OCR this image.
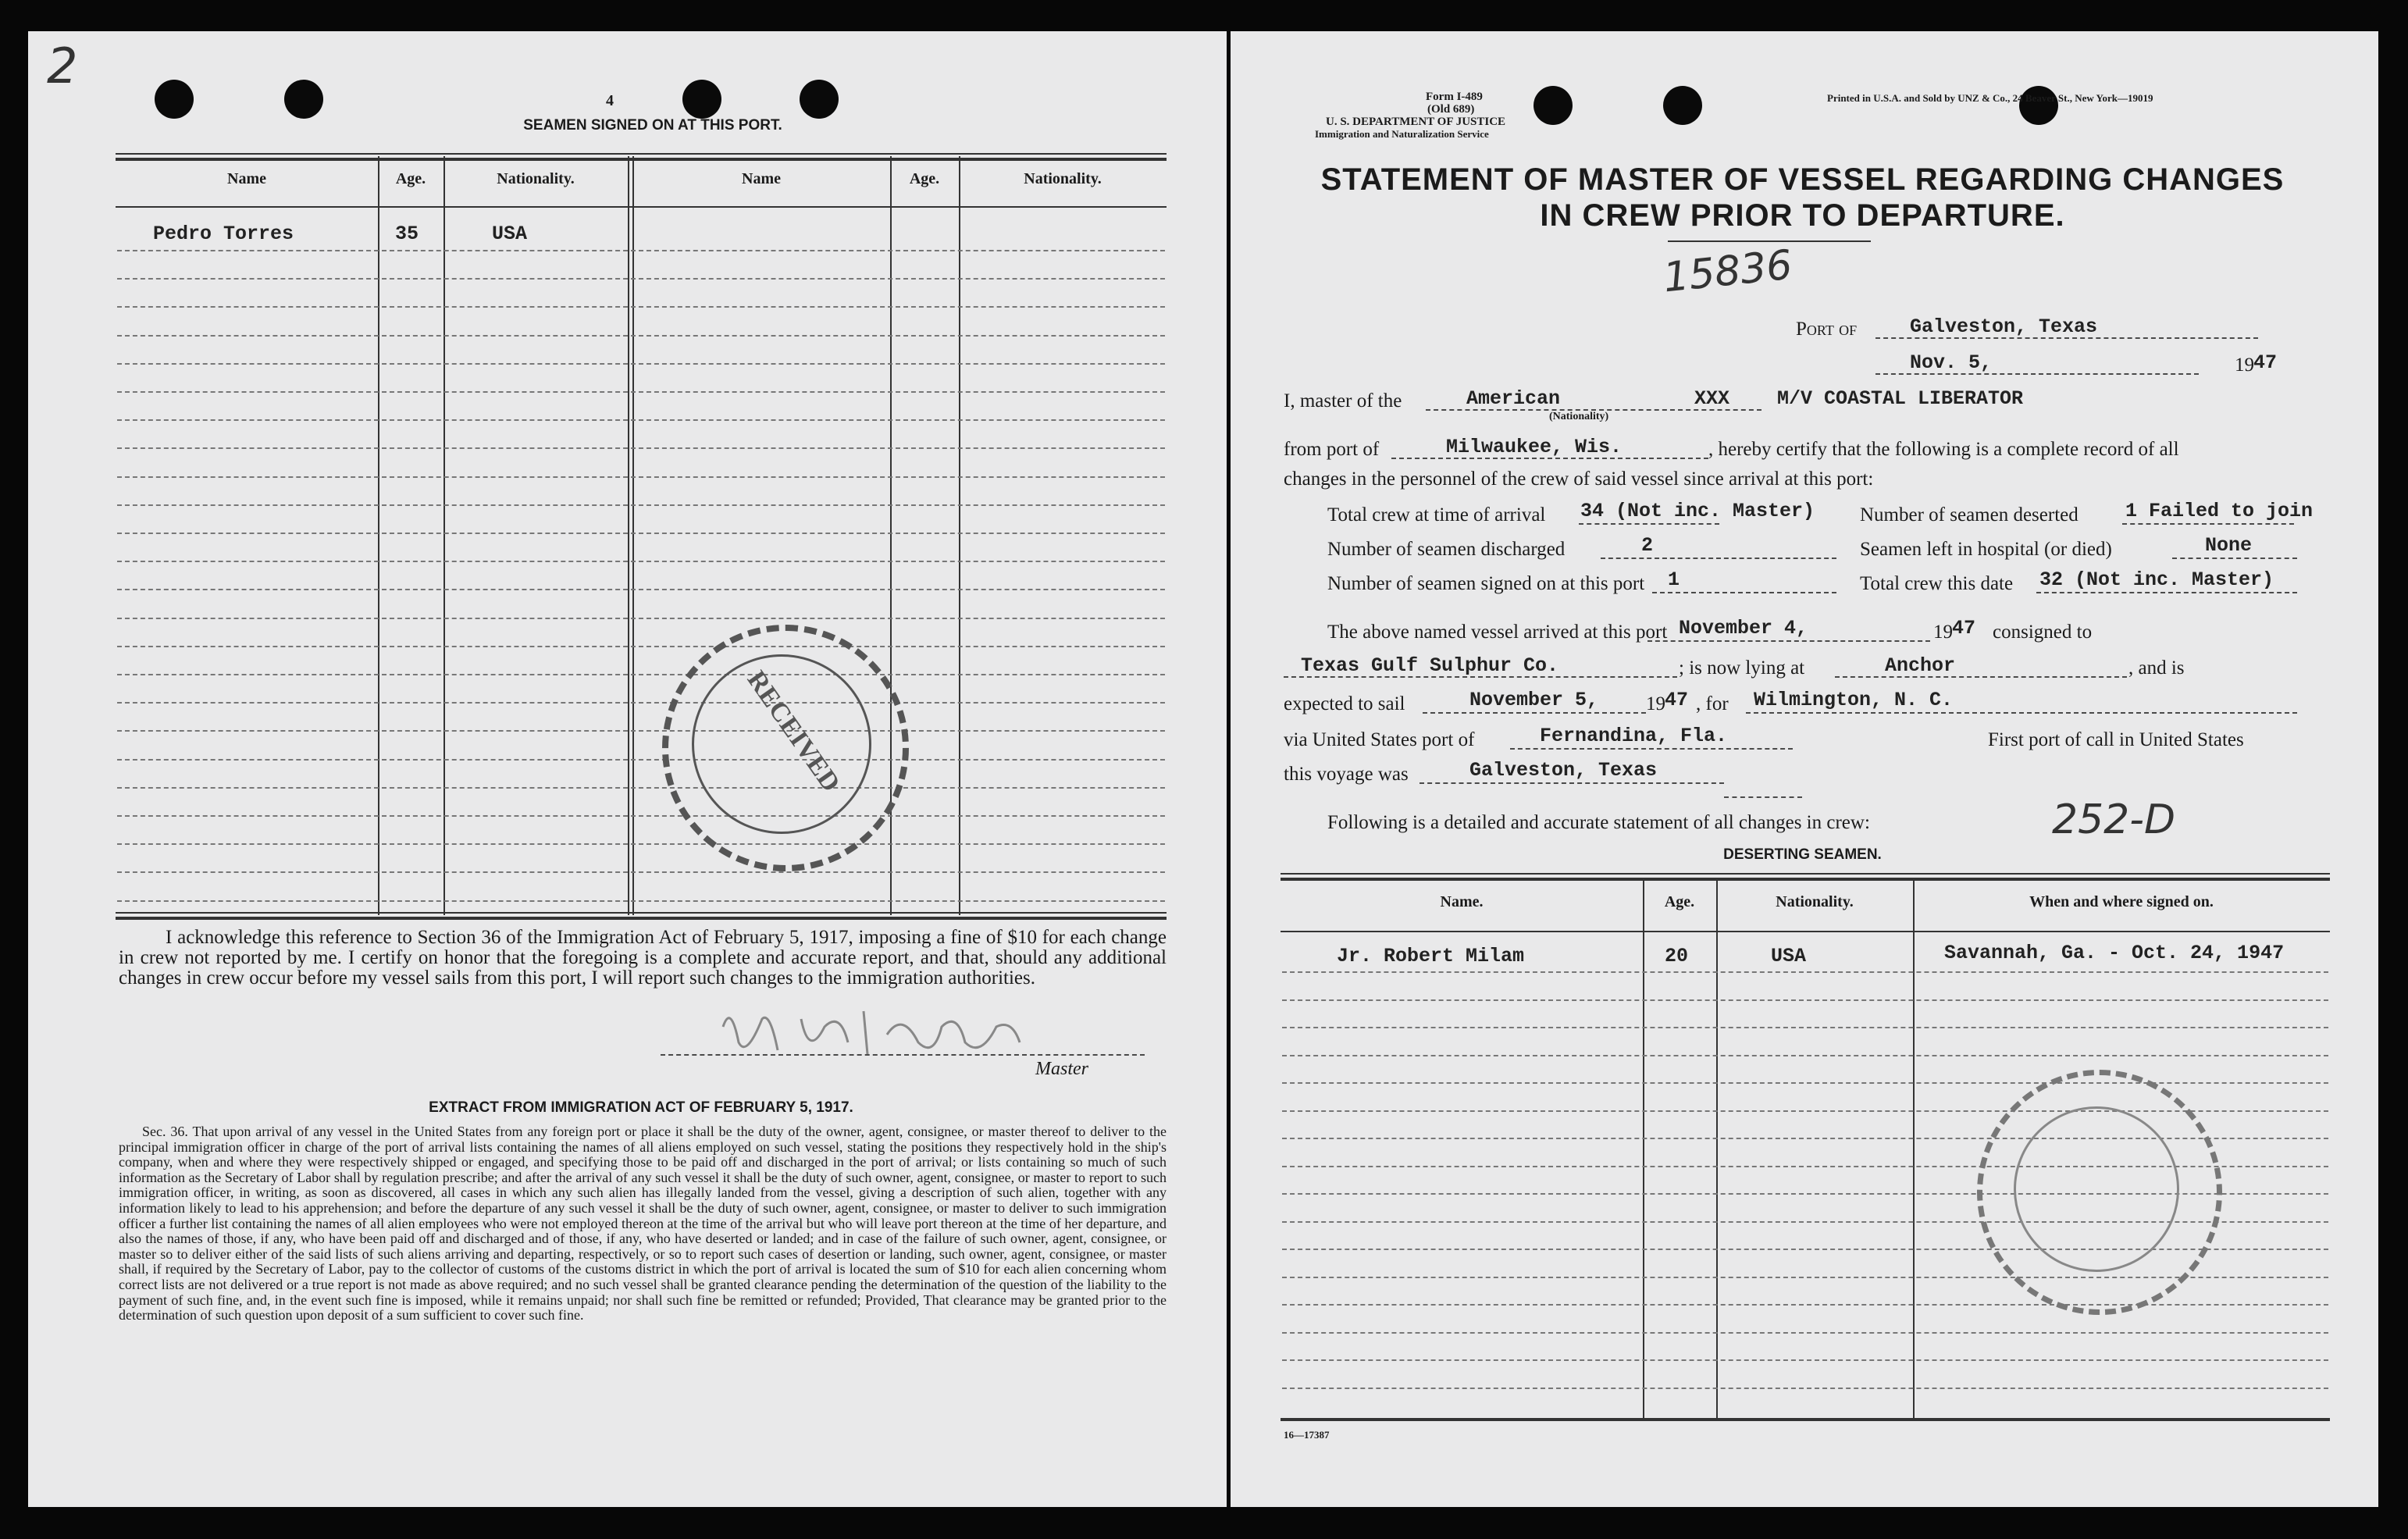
2
4
SEAMEN SIGNED ON AT THIS PORT.
Name	Age.	Nationality.	Name	Age.	Nationality.
Pedro Torres	35	USA
RECEIVED
I acknowledge this reference to Section 36 of the Immigration Act of February 5, 1917, imposing a fine of $10 for each change in crew not reported by me. I certify on honor that the foregoing is a complete and accurate report, and that, should any additional changes in crew occur before my vessel sails from this port, I will report such changes to the immigration authorities.
Master
EXTRACT FROM IMMIGRATION ACT OF FEBRUARY 5, 1917.
Sec. 36. That upon arrival of any vessel in the United States from any foreign port or place it shall be the duty of the owner, agent, consignee, or master thereof to deliver to the principal immigration officer in charge of the port of arrival lists containing the names of all aliens employed on such vessel, stating the positions they respectively hold in the ship's company, when and where they were respectively shipped or engaged, and specifying those to be paid off and discharged in the port of arrival; or lists containing so much of such information as the Secretary of Labor shall by regulation prescribe; and after the arrival of any such vessel it shall be the duty of such owner, agent, consignee, or master to report to such immigration officer, in writing, as soon as discovered, all cases in which any such alien has illegally landed from the vessel, giving a description of such alien, together with any information likely to lead to his apprehension; and before the departure of any such vessel it shall be the duty of such owner, agent, consignee, or master to deliver to such immigration officer a further list containing the names of all alien employees who were not employed thereon at the time of the arrival but who will leave port thereon at the time of her departure, and also the names of those, if any, who have been paid off and discharged and of those, if any, who have deserted or landed; and in case of the failure of such owner, agent, consignee, or master so to deliver either of the said lists of such aliens arriving and departing, respectively, or so to report such cases of desertion or landing, such owner, agent, consignee, or master shall, if required by the Secretary of Labor, pay to the collector of customs of the customs district in which the port of arrival is located the sum of $10 for each alien concerning whom correct lists are not delivered or a true report is not made as above required; and no such vessel shall be granted clearance pending the determination of the question of the liability to the payment of such fine, and, in the event such fine is imposed, while it remains unpaid; nor shall such fine be remitted or refunded; Provided, That clearance may be granted prior to the determination of such question upon deposit of a sum sufficient to cover such fine.
Form I-489
(Old 689)
U. S. DEPARTMENT OF JUSTICE
Immigration and Naturalization Service
Printed in U.S.A. and Sold by UNZ & Co., 24 Beaver St., New York—19019
STATEMENT OF MASTER OF VESSEL REGARDING CHANGES
IN CREW PRIOR TO DEPARTURE.
15836
Port of	Galveston, Texas
Nov. 5,	19 47
I, master of the	American
(Nationality)
XXX M/V COASTAL LIBERATOR
from port of	Milwaukee, Wis.	, hereby certify that the following is a complete record of all
changes in the personnel of the crew of said vessel since arrival at this port:
Total crew at time of arrival 34 (Not inc. Master) Number of seamen deserted 1 Failed to join
Number of seamen discharged	2	Seamen left in hospital (or died)	None
Number of seamen signed on at this port 1	Total crew this date 32 (Not inc. Master)
The above named vessel arrived at this port November 4,	19 47 consigned to
Texas Gulf Sulphur Co.	; is now lying at	Anchor	, and is
expected to sail	November 5, 19 47 , for Wilmington, N. C.
via United States port of	Fernandina, Fla.	First port of call in United States
this voyage was	Galveston, Texas
Following is a detailed and accurate statement of all changes in crew:	252-D
DESERTING SEAMEN.
Name.	Age.	Nationality.	When and where signed on.
Jr. Robert Milam	20	USA	Savannah, Ga. - Oct. 24, 1947
16—17387
